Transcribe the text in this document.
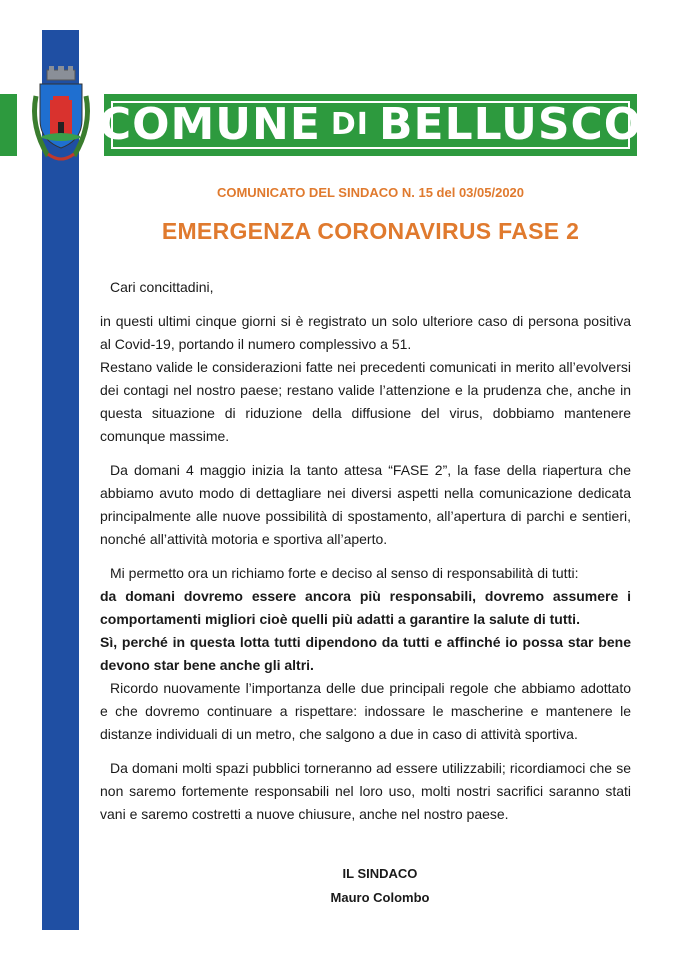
COMUNE DI BELLUSCO
COMUNICATO DEL SINDACO N. 15 del 03/05/2020
EMERGENZA CORONAVIRUS FASE 2

Cari concittadini,

in questi ultimi cinque giorni si è registrato un solo ulteriore caso di persona positiva al Covid-19, portando il numero complessivo a 51.

Restano valide le considerazioni fatte nei precedenti comunicati in merito all’evolversi dei contagi nel nostro paese; restano valide l’attenzione e la prudenza che, anche in questa situazione di riduzione della diffusione del virus, dobbiamo mantenere comunque massime.

Da domani 4 maggio inizia la tanto attesa “FASE 2”, la fase della riapertura che abbiamo avuto modo di dettagliare nei diversi aspetti nella comunicazione dedicata principalmente alle nuove possibilità di spostamento, all’apertura di parchi e sentieri, nonché all’attività motoria e sportiva all’aperto.

Mi permetto ora un richiamo forte e deciso al senso di responsabilità di tutti:

da domani dovremo essere ancora più responsabili, dovremo assumere i comportamenti migliori cioè quelli più adatti a garantire la salute di tutti.

Sì, perché in questa lotta tutti dipendono da tutti e affinché io possa star bene devono star bene anche gli altri.

Ricordo nuovamente l’importanza delle due principali regole che abbiamo adottato e che dovremo continuare a rispettare: indossare le mascherine e mantenere le distanze individuali di un metro, che salgono a due in caso di attività sportiva.

Da domani molti spazi pubblici torneranno ad essere utilizzabili; ricordiamoci che se non saremo fortemente responsabili nel loro uso, molti nostri sacrifici saranno stati vani e saremo costretti a nuove chiusure, anche nel nostro paese.

IL SINDACO
Mauro Colombo
